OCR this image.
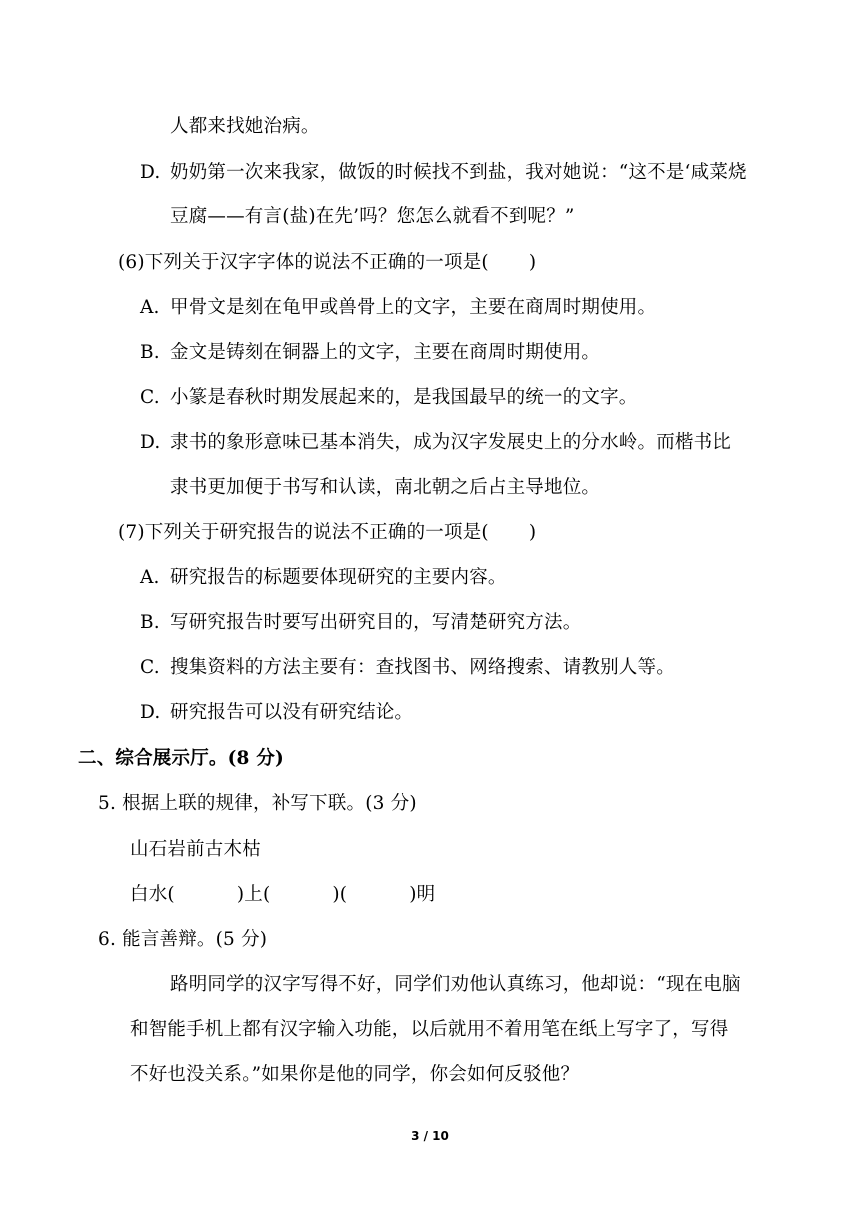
人都来找她治病。
D. 奶奶第一次来我家，做饭的时候找不到盐，我对她说：“这不是‘咸菜烧
豆腐——有言(盐)在先’吗？您怎么就看不到呢？”
(6)下列关于汉字字体的说法不正确的一项是( )
A. 甲骨文是刻在龟甲或兽骨上的文字，主要在商周时期使用。
B. 金文是铸刻在铜器上的文字，主要在商周时期使用。
C. 小篆是春秋时期发展起来的，是我国最早的统一的文字。
D. 隶书的象形意味已基本消失，成为汉字发展史上的分水岭。而楷书比
隶书更加便于书写和认读，南北朝之后占主导地位。
(7)下列关于研究报告的说法不正确的一项是( )
A. 研究报告的标题要体现研究的主要内容。
B. 写研究报告时要写出研究目的，写清楚研究方法。
C. 搜集资料的方法主要有：查找图书、网络搜索、请教别人等。
D. 研究报告可以没有研究结论。
二、综合展示厅。(8 分)
5. 根据上联的规律，补写下联。(3 分)
山石岩前古木枯
白水(	)上(	)(	)明
6. 能言善辩。(5 分)
路明同学的汉字写得不好，同学们劝他认真练习，他却说：“现在电脑
和智能手机上都有汉字输入功能，以后就用不着用笔在纸上写字了，写得
不好也没关系。”如果你是他的同学，你会如何反驳他？
3 / 10
